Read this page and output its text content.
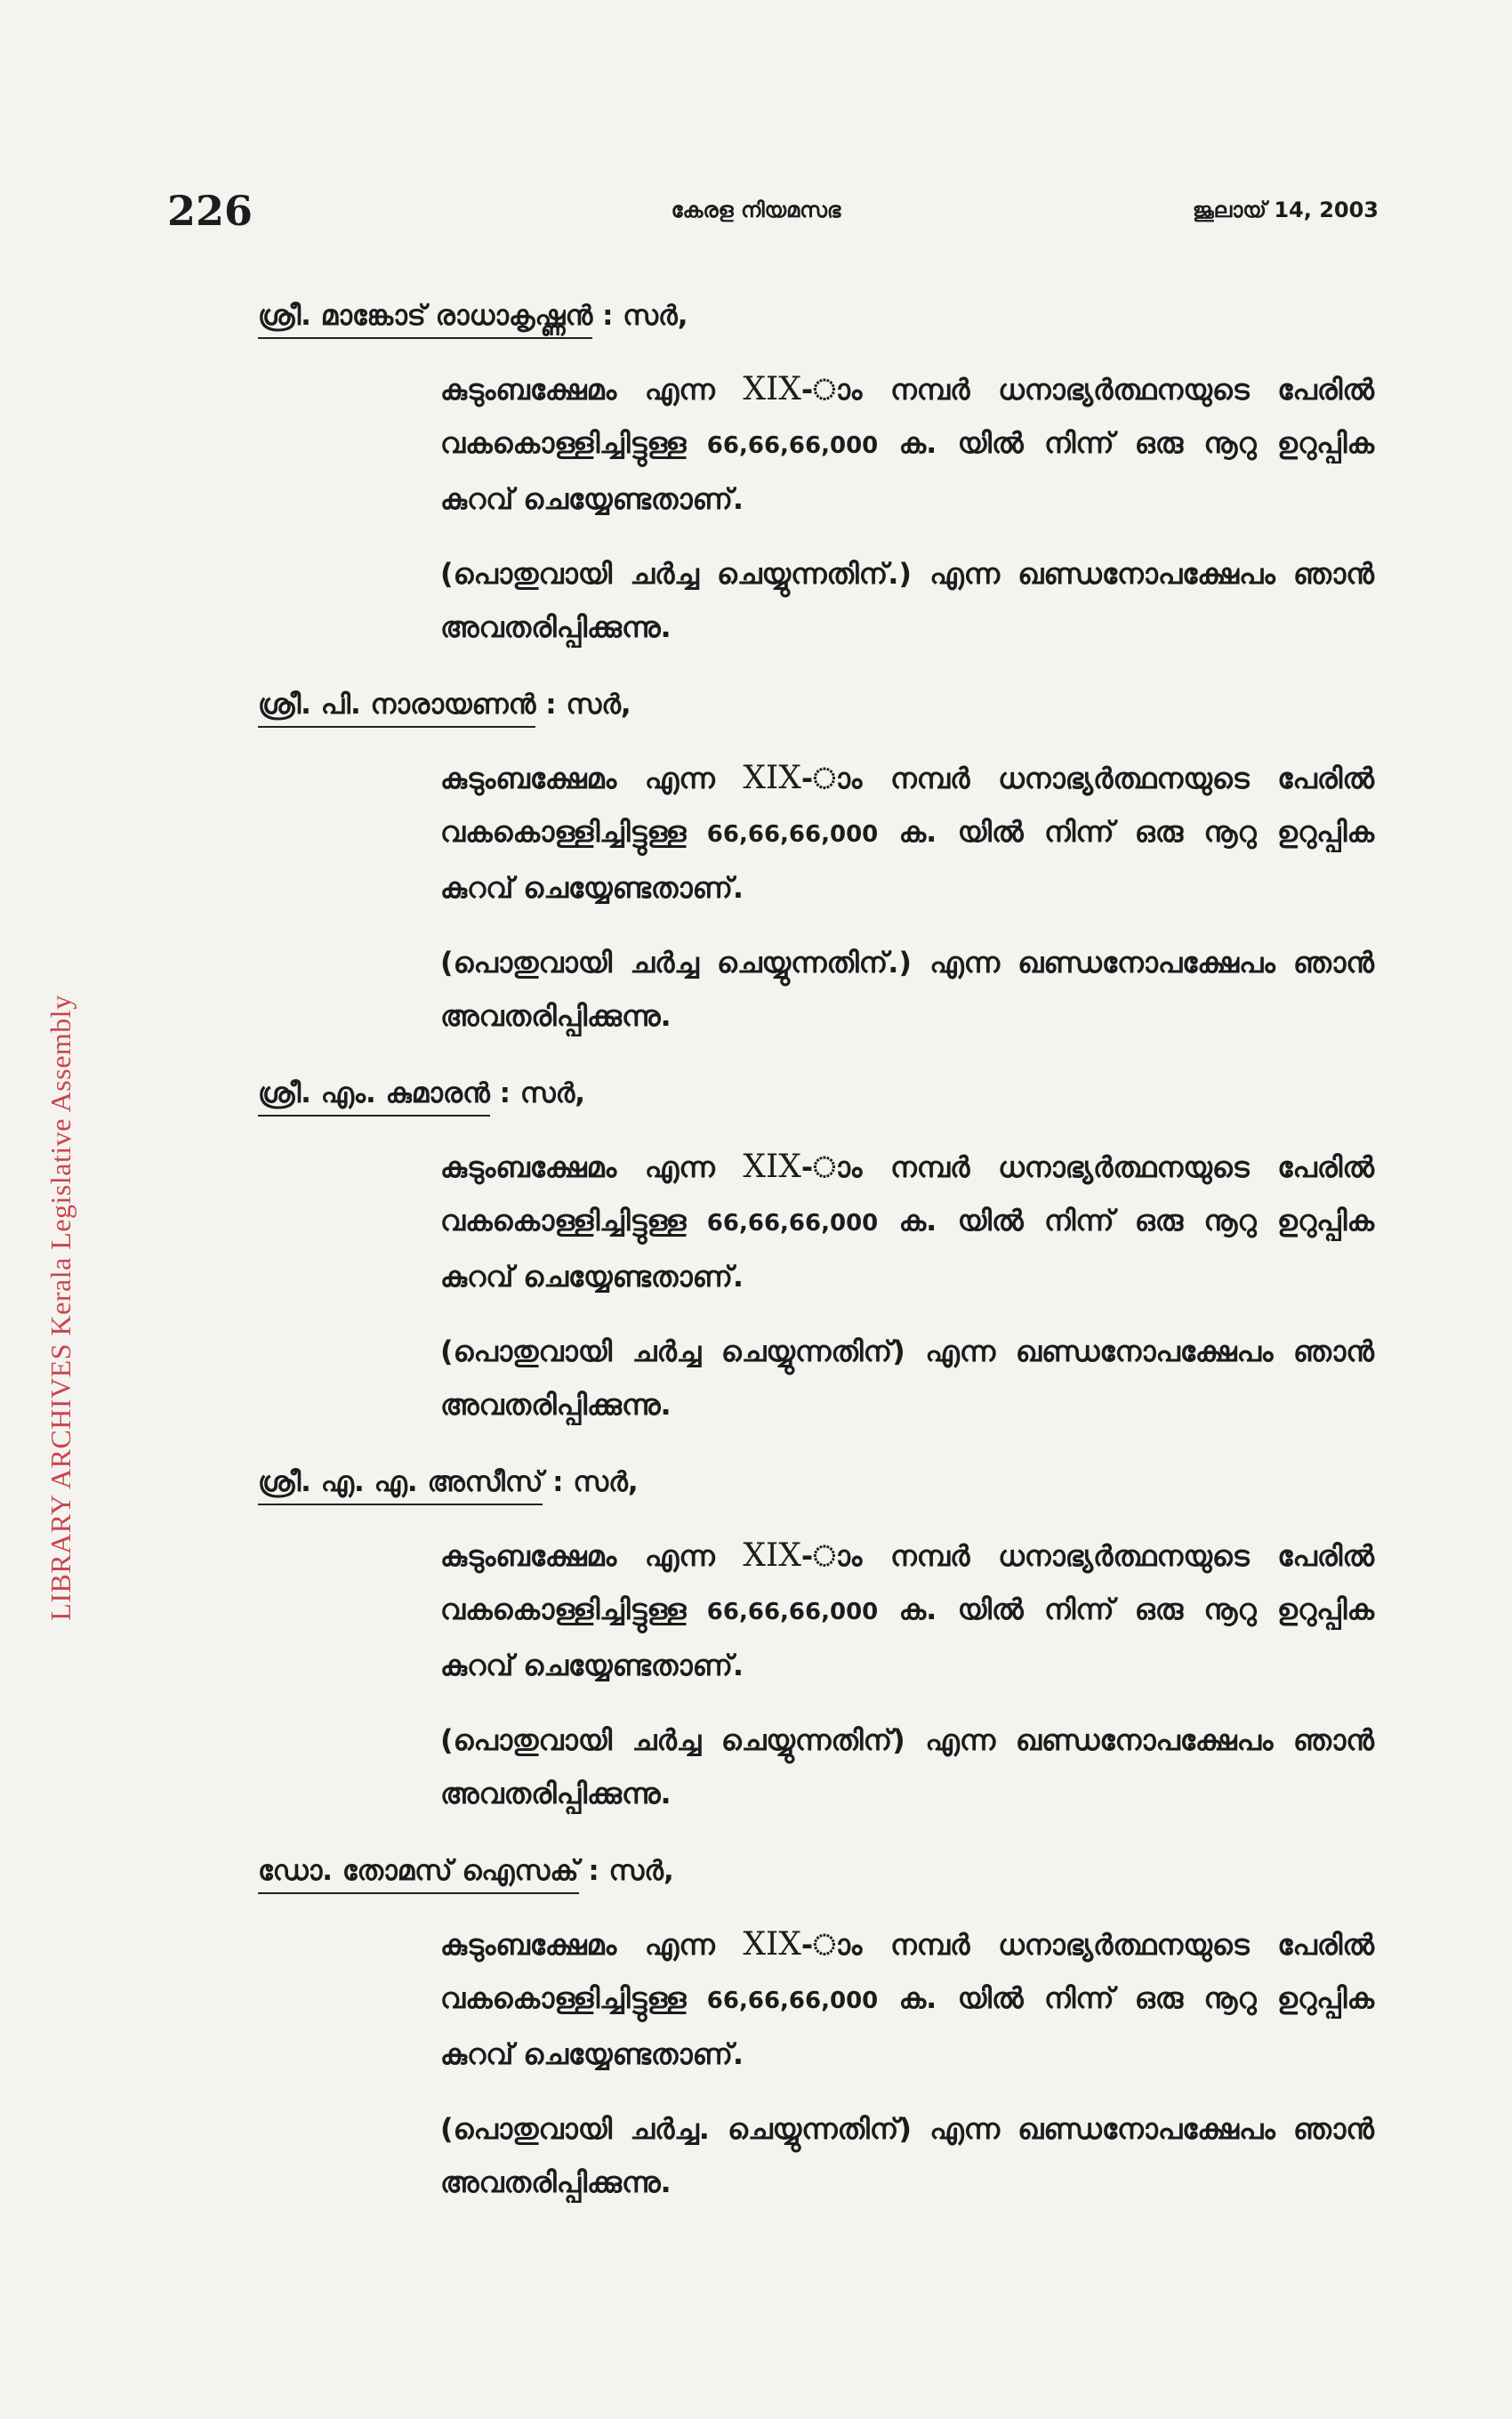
226	കേരള നിയമസഭ	ജൂലായ് 14, 2003
LIBRARY ARCHIVES Kerala Legislative Assembly
ശ്രീ. മാങ്കോട് രാധാകൃഷ്ണൻ : സർ,
കുടുംബക്ഷേമം എന്ന XIX-ാം നമ്പർ ധനാഭ്യർത്ഥനയുടെ പേരിൽ വകകൊള്ളിച്ചിട്ടുള്ള 66,66,66,000 ക. യിൽ നിന്ന് ഒരു നൂറു ഉറുപ്പിക കുറവ് ചെയ്യേണ്ടതാണ്.
(പൊതുവായി ചർച്ച ചെയ്യുന്നതിന്.) എന്ന ഖണ്ഡനോപക്ഷേപം ഞാൻ അവതരിപ്പിക്കുന്നു.
ശ്രീ. പി. നാരായണൻ : സർ,
കുടുംബക്ഷേമം എന്ന XIX-ാം നമ്പർ ധനാഭ്യർത്ഥനയുടെ പേരിൽ വകകൊള്ളിച്ചിട്ടുള്ള 66,66,66,000 ക. യിൽ നിന്ന് ഒരു നൂറു ഉറുപ്പിക കുറവ് ചെയ്യേണ്ടതാണ്.
(പൊതുവായി ചർച്ച ചെയ്യുന്നതിന്.) എന്ന ഖണ്ഡനോപക്ഷേപം ഞാൻ അവതരിപ്പിക്കുന്നു.
ശ്രീ. എം. കുമാരൻ : സർ,
കുടുംബക്ഷേമം എന്ന XIX-ാം നമ്പർ ധനാഭ്യർത്ഥനയുടെ പേരിൽ വകകൊള്ളിച്ചിട്ടുള്ള 66,66,66,000 ക. യിൽ നിന്ന് ഒരു നൂറു ഉറുപ്പിക കുറവ് ചെയ്യേണ്ടതാണ്.
(പൊതുവായി ചർച്ച ചെയ്യുന്നതിന്) എന്ന ഖണ്ഡനോപക്ഷേപം ഞാൻ അവതരിപ്പിക്കുന്നു.
ശ്രീ. എ. എ. അസീസ് : സർ,
കുടുംബക്ഷേമം എന്ന XIX-ാം നമ്പർ ധനാഭ്യർത്ഥനയുടെ പേരിൽ വകകൊള്ളിച്ചിട്ടുള്ള 66,66,66,000 ക. യിൽ നിന്ന് ഒരു നൂറു ഉറുപ്പിക കുറവ് ചെയ്യേണ്ടതാണ്.
(പൊതുവായി ചർച്ച ചെയ്യുന്നതിന്) എന്ന ഖണ്ഡനോപക്ഷേപം ഞാൻ അവതരിപ്പിക്കുന്നു.
ഡോ. തോമസ് ഐസക് : സർ,
കുടുംബക്ഷേമം എന്ന XIX-ാം നമ്പർ ധനാഭ്യർത്ഥനയുടെ പേരിൽ വകകൊള്ളിച്ചിട്ടുള്ള 66,66,66,000 ക. യിൽ നിന്ന് ഒരു നൂറു ഉറുപ്പിക കുറവ് ചെയ്യേണ്ടതാണ്.
(പൊതുവായി ചർച്ച. ചെയ്യുന്നതിന്) എന്ന ഖണ്ഡനോപക്ഷേപം ഞാൻ അവതരിപ്പിക്കുന്നു.
